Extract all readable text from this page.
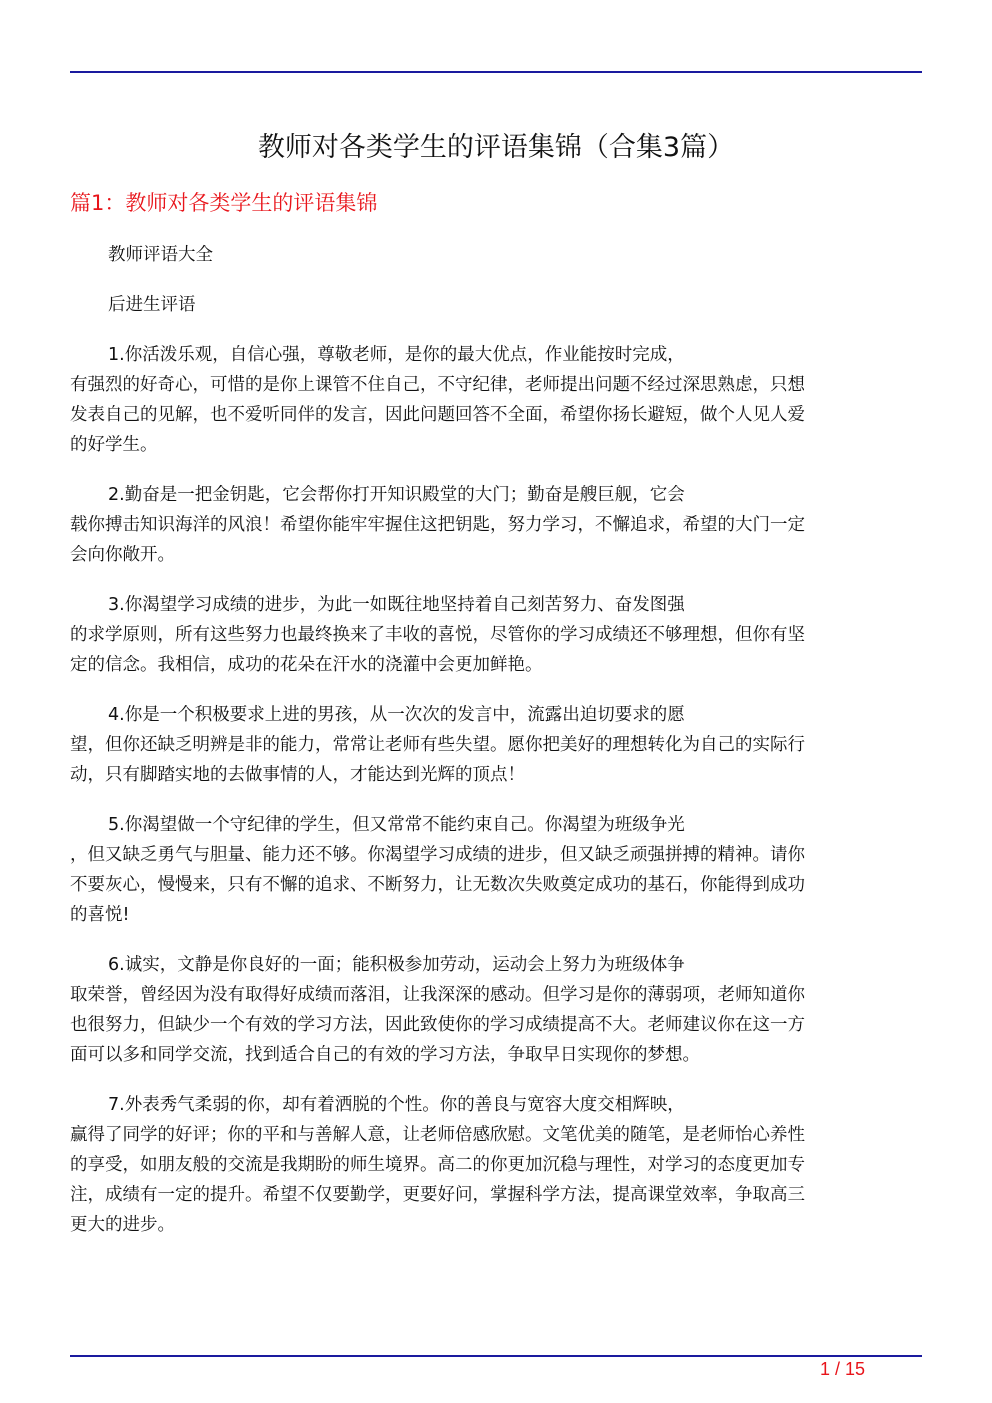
教师对各类学生的评语集锦（合集3篇）
篇1：教师对各类学生的评语集锦
教师评语大全
后进生评语
1.你活泼乐观，自信心强，尊敬老师，是你的最大优点，作业能按时完成，
有强烈的好奇心，可惜的是你上课管不住自己，不守纪律，老师提出问题不经过深思熟虑，只想
发表自己的见解，也不爱听同伴的发言，因此问题回答不全面，希望你扬长避短，做个人见人爱
的好学生。
2.勤奋是一把金钥匙，它会帮你打开知识殿堂的大门；勤奋是艘巨舰，它会
载你搏击知识海洋的风浪！希望你能牢牢握住这把钥匙，努力学习，不懈追求，希望的大门一定
会向你敞开。
3.你渴望学习成绩的进步，为此一如既往地坚持着自己刻苦努力、奋发图强
的求学原则，所有这些努力也最终换来了丰收的喜悦，尽管你的学习成绩还不够理想，但你有坚
定的信念。我相信，成功的花朵在汗水的浇灌中会更加鲜艳。
4.你是一个积极要求上进的男孩，从一次次的发言中，流露出迫切要求的愿
望，但你还缺乏明辨是非的能力，常常让老师有些失望。愿你把美好的理想转化为自己的实际行
动，只有脚踏实地的去做事情的人，才能达到光辉的顶点！
5.你渴望做一个守纪律的学生，但又常常不能约束自己。你渴望为班级争光
，但又缺乏勇气与胆量、能力还不够。你渴望学习成绩的进步，但又缺乏顽强拼搏的精神。请你
不要灰心，慢慢来，只有不懈的追求、不断努力，让无数次失败奠定成功的基石，你能得到成功
的喜悦!
6.诚实，文静是你良好的一面；能积极参加劳动，运动会上努力为班级体争
取荣誉，曾经因为没有取得好成绩而落泪，让我深深的感动。但学习是你的薄弱项，老师知道你
也很努力，但缺少一个有效的学习方法，因此致使你的学习成绩提高不大。老师建议你在这一方
面可以多和同学交流，找到适合自己的有效的学习方法，争取早日实现你的梦想。
7.外表秀气柔弱的你，却有着洒脱的个性。你的善良与宽容大度交相辉映，
赢得了同学的好评；你的平和与善解人意，让老师倍感欣慰。文笔优美的随笔，是老师怡心养性
的享受，如朋友般的交流是我期盼的师生境界。高二的你更加沉稳与理性，对学习的态度更加专
注，成绩有一定的提升。希望不仅要勤学，更要好问，掌握科学方法，提高课堂效率，争取高三
更大的进步。
1 / 15
